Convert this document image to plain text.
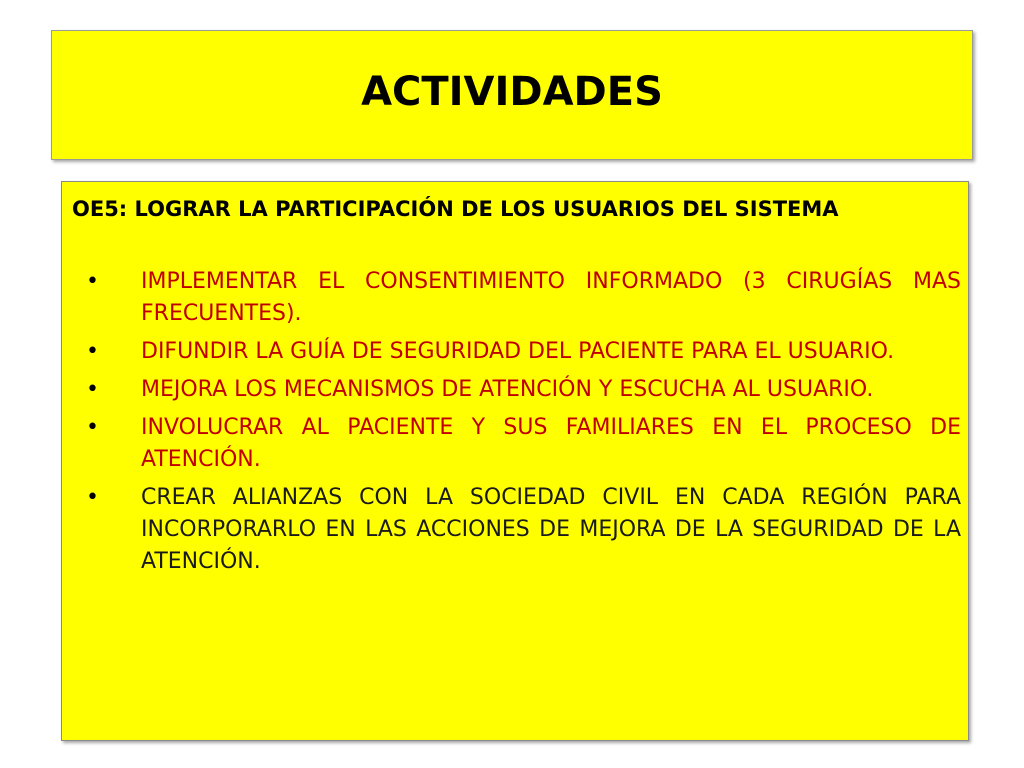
ACTIVIDADES

OE5: LOGRAR LA PARTICIPACIÓN DE LOS USUARIOS DEL SISTEMA

• IMPLEMENTAR EL CONSENTIMIENTO INFORMADO (3 CIRUGÍAS MAS FRECUENTES).
• DIFUNDIR LA GUÍA DE SEGURIDAD DEL PACIENTE PARA EL USUARIO.
• MEJORA LOS MECANISMOS DE ATENCIÓN Y ESCUCHA AL USUARIO.
• INVOLUCRAR AL PACIENTE Y SUS FAMILIARES EN EL PROCESO DE ATENCIÓN.
• CREAR ALIANZAS CON LA SOCIEDAD CIVIL EN CADA REGIÓN PARA INCORPORARLO EN LAS ACCIONES DE MEJORA DE LA SEGURIDAD DE LA ATENCIÓN.
